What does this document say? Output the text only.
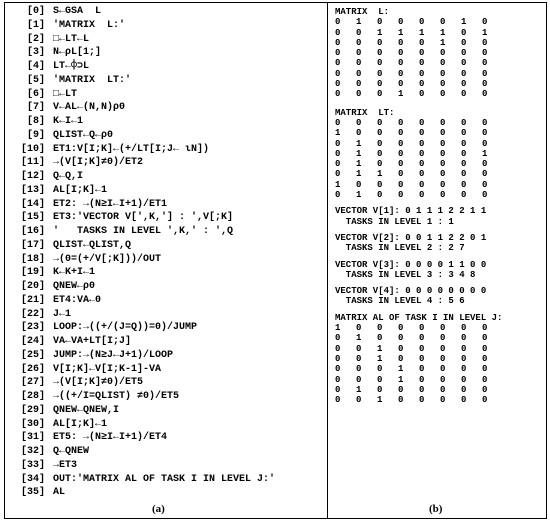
[0] S←GSA  L
[1] 'MATRIX  L:'
[2] □←LT←L
[3] N←ρL[1;]
[4] LT←⌽⊃L
[5] 'MATRIX  LT:'
[6] □←LT
[7] V←AL←(N,N)ρ0
[8] K←I←1
[9] QLIST←Q←ρ0
[10] ET1:V[I;K]←(+/LT[I;J← ιN])
[11] →(V[I;K]≠0)/ET2
[12] Q←Q,I
[13] AL[I;K]←1
[14] ET2: →(N≥I←I+1)/ET1
[15] ET3:'VECTOR V[',K,'] : ',V[;K]
[16] '   TASKS IN LEVEL ',K,' : ',Q
[17] QLIST←QLIST,Q
[18] →(0=(+/V[;K]))/OUT
[19] K←K+I←1
[20] QNEW←ρ0
[21] ET4:VA←0
[22] J←1
[23] LOOP:→((+/(J=Q))=0)/JUMP
[24] VA←VA+LT[I;J]
[25] JUMP:→(N≥J←J+1)/LOOP
[26] V[I;K]←V[I;K-1]-VA
[27] →(V[I;K]≠0)/ET5
[28] →((+/I=QLIST) ≠0)/ET5
[29] QNEW←QNEW,I
[30] AL[I;K]←1
[31] ET5: →(N≥I←I+1)/ET4
[32] Q←QNEW
[33] →ET3
[34] OUT:'MATRIX AL OF TASK I IN LEVEL J:'
[35] AL
(a)
MATRIX  L:
0	1	0	0	0	0	1	0
0	0	1	1	1	1	0	1
0	0	0	0	0	1	0	0
0	0	0	0	0	0	0	0
0	0	0	0	0	0	0	0
0	0	0	0	0	0	0	0
0	0	0	0	0	0	0	0
0	0	0	1	0	0	0	0
MATRIX  LT:
0	0	0	0	0	0	0	0
1	0	0	0	0	0	0	0
0	1	0	0	0	0	0	0
0	1	0	0	0	0	0	1
0	1	0	0	0	0	0	0
0	1	1	0	0	0	0	0
1	0	0	0	0	0	0	0
0	1	0	0	0	0	0	0
VECTOR V[1]: 0 1 1 1 2 2 1 1
TASKS IN LEVEL 1 : 1
VECTOR V[2]: 0 0 1 1 2 2 0 1
TASKS IN LEVEL 2 : 2 7
VECTOR V[3]: 0 0 0 0 1 1 0 0
TASKS IN LEVEL 3 : 3 4 8
VECTOR V[4]: 0 0 0 0 0 0 0 0
TASKS IN LEVEL 4 : 5 6
MATRIX AL OF TASK I IN LEVEL J:
1	0	0	0	0	0	0	0
0	1	0	0	0	0	0	0
0	0	1	0	0	0	0	0
0	0	1	0	0	0	0	0
0	0	0	1	0	0	0	0
0	0	0	1	0	0	0	0
0	1	0	0	0	0	0	0
0	0	1	0	0	0	0	0
(b)
